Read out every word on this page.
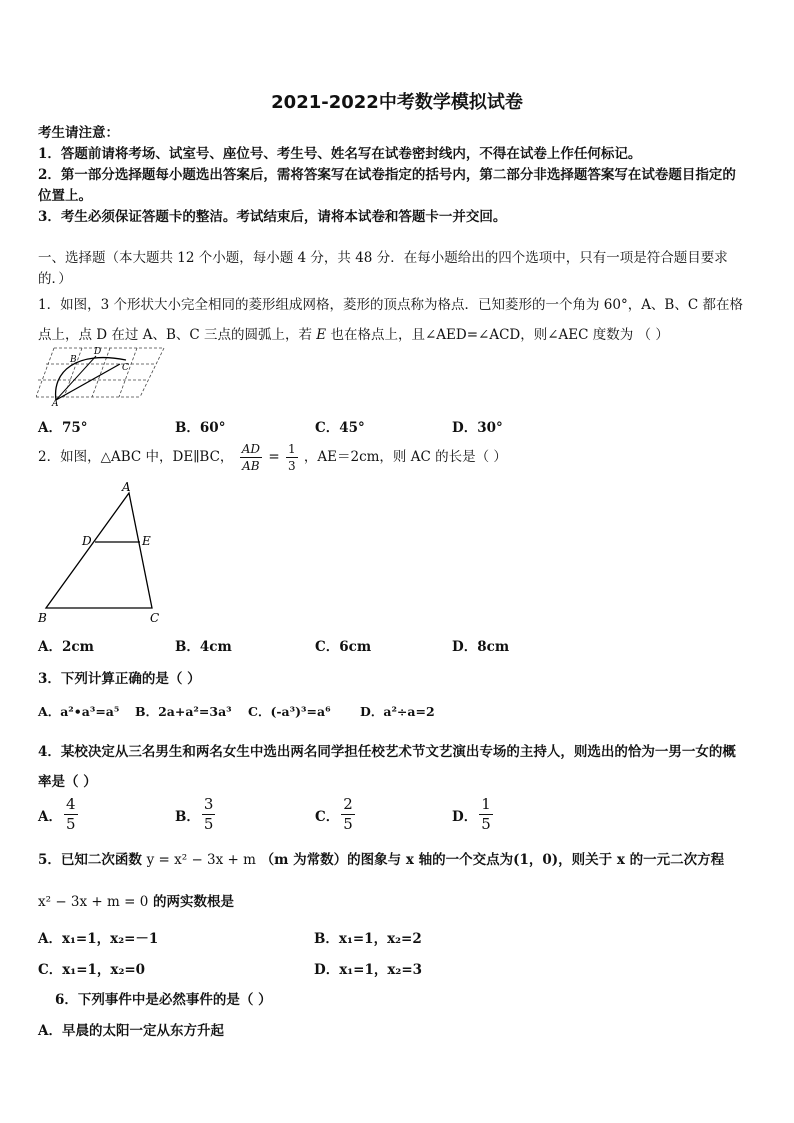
2021-2022中考数学模拟试卷
考生请注意：
1．答题前请将考场、试室号、座位号、考生号、姓名写在试卷密封线内，不得在试卷上作任何标记。
2．第一部分选择题每小题选出答案后，需将答案写在试卷指定的括号内，第二部分非选择题答案写在试卷题目指定的
位置上。
3．考生必须保证答题卡的整洁。考试结束后，请将本试卷和答题卡一并交回。
一、选择题（本大题共 12 个小题，每小题 4 分，共 48 分．在每小题给出的四个选项中，只有一项是符合题目要求
的．）
1．如图，3 个形状大小完全相同的菱形组成网格，菱形的顶点称为格点．已知菱形的一个角为 60°，A、B、C 都在格
点上，点 D 在过 A、B、C 三点的圆弧上，若 E 也在格点上，且∠AED=∠ACD，则∠AEC 度数为 （ ）
A
B
C
D
A．75°	B．60°	C．45°	D．30°
2．如图，△ABC 中，DE∥BC， $\frac{AD}{AB} = \frac{1}{3}$ ，AE＝2cm，则 AC 的长是（ ）
A
D	E
B	C
A．2cm	B．4cm	C．6cm	D．8cm
3．下列计算正确的是（ ）
A．a²•a³=a⁵ B．2a+a²=3a³ C．(-a³)³=a⁶ D．a²÷a=2
4．某校决定从三名男生和两名女生中选出两名同学担任校艺术节文艺演出专场的主持人，则选出的恰为一男一女的概
率是（ ）
A． $\frac{4}{5}$	B． $\frac{3}{5}$	C． $\frac{2}{5}$	D． $\frac{1}{5}$
5．已知二次函数 y = x² − 3x + m （m 为常数）的图象与 x 轴的一个交点为(1，0)，则关于 x 的一元二次方程
x² − 3x + m = 0 的两实数根是
A．x₁=1，x₂=－1	B．x₁=1，x₂=2
C．x₁=1，x₂=0	D．x₁=1，x₂=3
6．下列事件中是必然事件的是（ ）
A．早晨的太阳一定从东方升起
